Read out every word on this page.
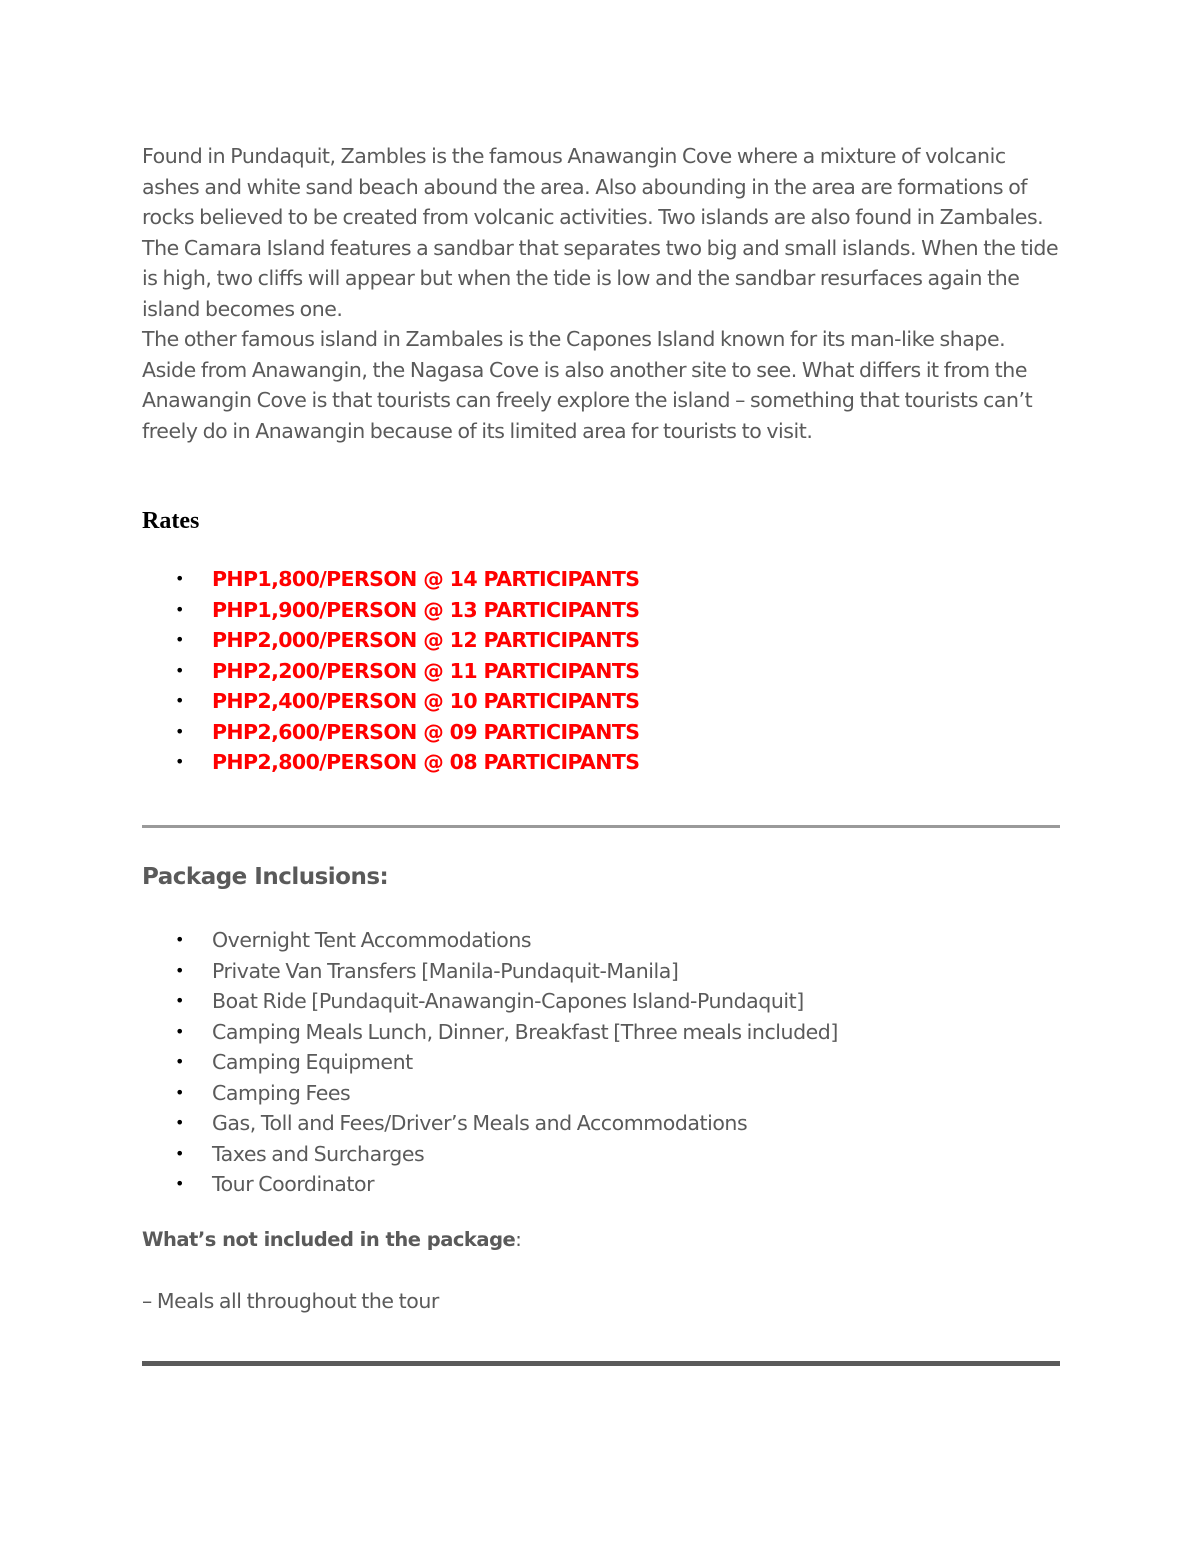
Found in Pundaquit, Zambles is the famous Anawangin Cove where a mixture of volcanic ashes and white sand beach abound the area. Also abounding in the area are formations of rocks believed to be created from volcanic activities. Two islands are also found in Zambales. The Camara Island features a sandbar that separates two big and small islands. When the tide is high, two cliffs will appear but when the tide is low and the sandbar resurfaces again the island becomes one.

The other famous island in Zambales is the Capones Island known for its man-like shape. Aside from Anawangin, the Nagasa Cove is also another site to see. What differs it from the Anawangin Cove is that tourists can freely explore the island – something that tourists can’t freely do in Anawangin because of its limited area for tourists to visit.

Rates
• PHP1,800/PERSON @ 14 PARTICIPANTS
• PHP1,900/PERSON @ 13 PARTICIPANTS
• PHP2,000/PERSON @ 12 PARTICIPANTS
• PHP2,200/PERSON @ 11 PARTICIPANTS
• PHP2,400/PERSON @ 10 PARTICIPANTS
• PHP2,600/PERSON @ 09 PARTICIPANTS
• PHP2,800/PERSON @ 08 PARTICIPANTS
Package Inclusions:
• Overnight Tent Accommodations
• Private Van Transfers [Manila-Pundaquit-Manila]
• Boat Ride [Pundaquit-Anawangin-Capones Island-Pundaquit]
• Camping Meals Lunch, Dinner, Breakfast [Three meals included]
• Camping Equipment
• Camping Fees
• Gas, Toll and Fees/Driver’s Meals and Accommodations
• Taxes and Surcharges
• Tour Coordinator

What’s not included in the package:

– Meals all throughout the tour
